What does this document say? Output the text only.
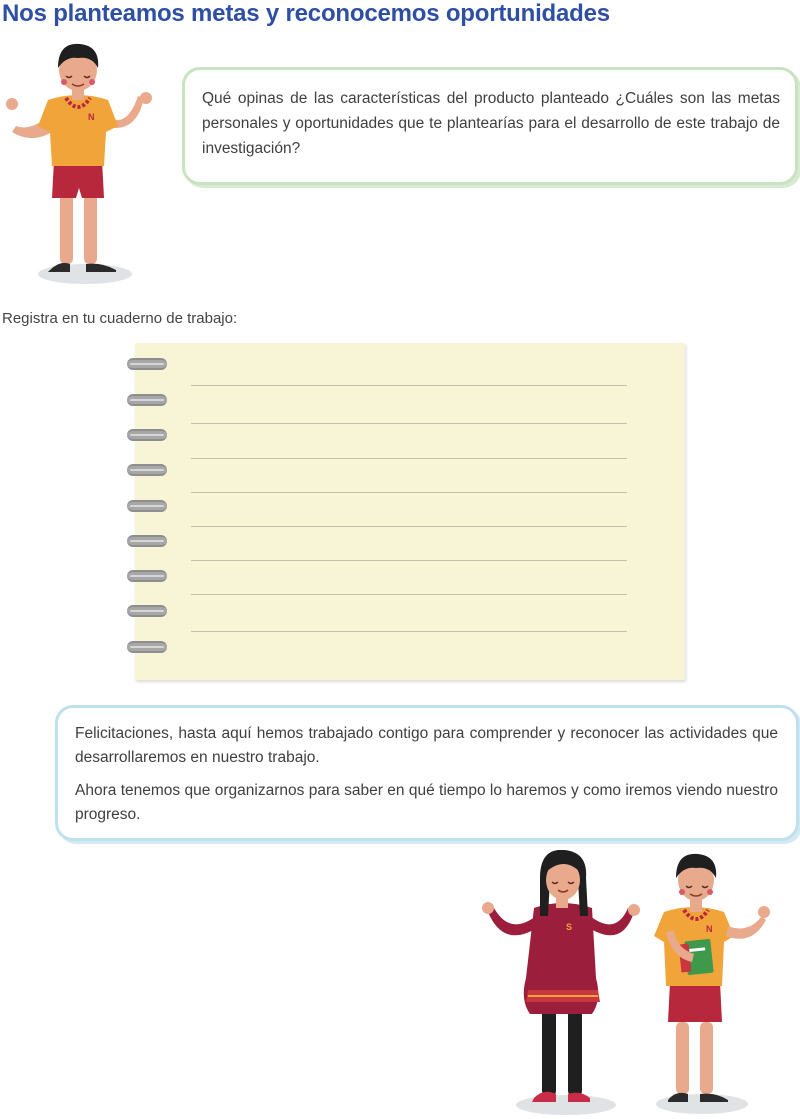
Nos planteamos metas y reconocemos oportunidades
N

Qué opinas de las características del producto planteado ¿Cuáles son las metas personales y oportunidades que te plantearías para el desarrollo de este trabajo de investigación?

Registra en tu cuaderno de trabajo:

Felicitaciones, hasta aquí hemos trabajado contigo para comprender y reconocer las actividades que desarrollaremos en nuestro trabajo.

Ahora tenemos que organizarnos para saber en qué tiempo lo haremos y como iremos viendo nuestro progreso.

S	N
